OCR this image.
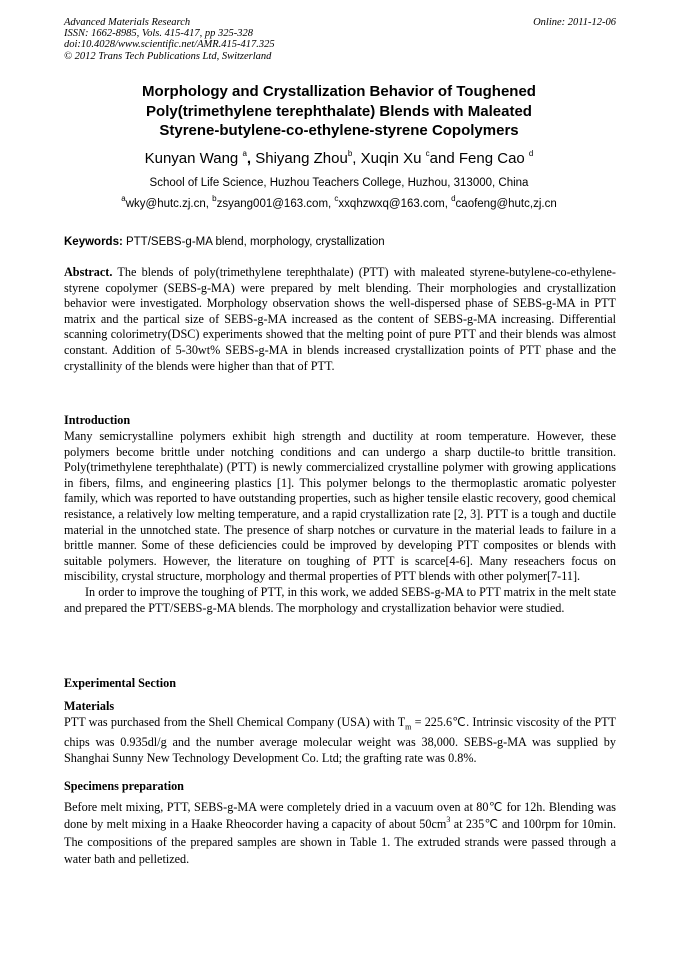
Advanced Materials Research
ISSN: 1662-8985, Vols. 415-417, pp 325-328
doi:10.4028/www.scientific.net/AMR.415-417.325
© 2012 Trans Tech Publications Ltd, Switzerland
Online: 2011-12-06
Morphology and Crystallization Behavior of Toughened
Poly(trimethylene terephthalate) Blends with Maleated
Styrene-butylene-co-ethylene-styrene Copolymers
Kunyan Wang $^a$, Shiyang Zhou$^b$, Xuqin Xu $^c$and Feng Cao $^d$
School of Life Science, Huzhou Teachers College, Huzhou, 313000, China
$^a$wky@hutc.zj.cn, $^b$zsyang001@163.com, $^c$xxqhzwxq@163.com, $^d$caofeng@hutc,zj.cn
Keywords: PTT/SEBS-g-MA blend, morphology, crystallization
Abstract. The blends of poly(trimethylene terephthalate) (PTT) with maleated styrene-butylene-co-ethylene-styrene copolymer (SEBS-g-MA) were prepared by melt blending. Their morphologies and crystallization behavior were investigated. Morphology observation shows the well-dispersed phase of SEBS-g-MA in PTT matrix and the partical size of SEBS-g-MA increased as the content of SEBS-g-MA increasing. Differential scanning colorimetry(DSC) experiments showed that the melting point of pure PTT and their blends was almost constant. Addition of 5-30wt% SEBS-g-MA in blends increased crystallization points of PTT phase and the crystallinity of the blends were higher than that of PTT.
Introduction
Many semicrystalline polymers exhibit high strength and ductility at room temperature. However, these polymers become brittle under notching conditions and can undergo a sharp ductile-to brittle transition. Poly(trimethylene terephthalate) (PTT) is newly commercialized crystalline polymer with growing applications in fibers, films, and engineering plastics [1]. This polymer belongs to the thermoplastic aromatic polyester family, which was reported to have outstanding properties, such as higher tensile elastic recovery, good chemical resistance, a relatively low melting temperature, and a rapid crystallization rate [2, 3]. PTT is a tough and ductile material in the unnotched state. The presence of sharp notches or curvature in the material leads to failure in a brittle manner. Some of these deficiencies could be improved by developing PTT composites or blends with suitable polymers. However, the literature on toughing of PTT is scarce[4-6]. Many reseachers focus on miscibility, crystal structure, morphology and thermal properties of PTT blends with other polymer[7-11].
In order to improve the toughing of PTT, in this work, we added SEBS-g-MA to PTT matrix in the melt state and prepared the PTT/SEBS-g-MA blends. The morphology and crystallization behavior were studied.
Experimental Section
Materials
PTT was purchased from the Shell Chemical Company (USA) with $T_m$ = 225.6℃. Intrinsic viscosity of the PTT chips was 0.935dl/g and the number average molecular weight was 38,000. SEBS-g-MA was supplied by Shanghai Sunny New Technology Development Co. Ltd; the grafting rate was 0.8%.
Specimens preparation
Before melt mixing, PTT, SEBS-g-MA were completely dried in a vacuum oven at 80℃ for 12h. Blending was done by melt mixing in a Haake Rheocorder having a capacity of about $50cm^3$ at 235℃ and 100rpm for 10min. The compositions of the prepared samples are shown in Table 1. The extruded strands were passed through a water bath and pelletized.
